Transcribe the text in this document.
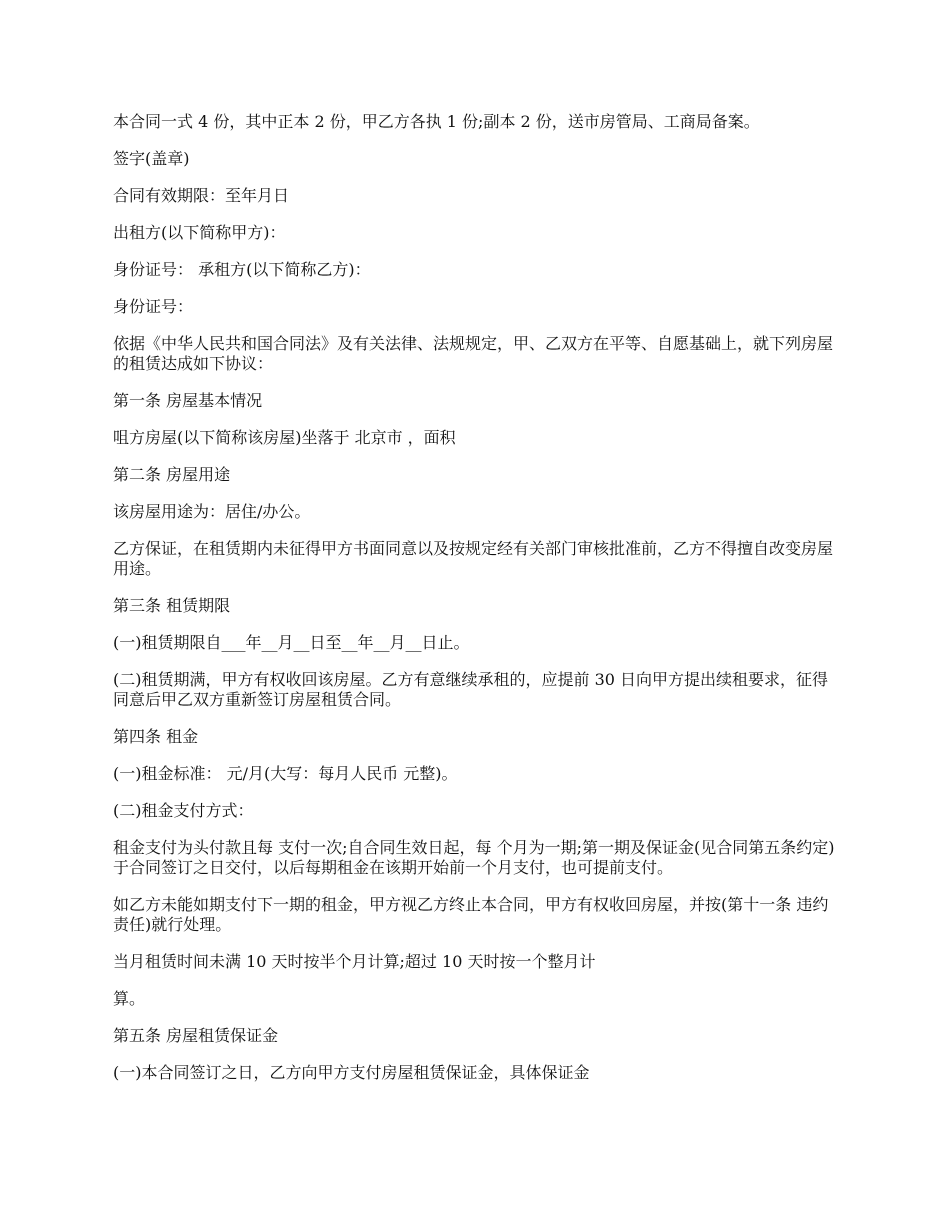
本合同一式 4 份，其中正本 2 份，甲乙方各执 1 份;副本 2 份，送市房管局、工商局备案。

签字(盖章)

合同有效期限：至年月日

出租方(以下简称甲方)：

身份证号： 承租方(以下简称乙方)：

身份证号：

依据《中华人民共和国合同法》及有关法律、法规规定，甲、乙双方在平等、自愿基础上，就下列房屋的租赁达成如下协议：

第一条 房屋基本情况

咀方房屋(以下简称该房屋)坐落于 北京市 ，面积

第二条 房屋用途

该房屋用途为：居住/办公。

乙方保证，在租赁期内未征得甲方书面同意以及按规定经有关部门审核批准前，乙方不得擅自改变房屋用途。

第三条 租赁期限

(一)租赁期限自___年__月__日至__年__月__日止。

(二)租赁期满，甲方有权收回该房屋。乙方有意继续承租的，应提前 30 日向甲方提出续租要求，征得同意后甲乙双方重新签订房屋租赁合同。

第四条 租金

(一)租金标准： 元/月(大写：每月人民币 元整)。

(二)租金支付方式：

租金支付为头付款且每 支付一次;自合同生效日起，每 个月为一期;第一期及保证金(见合同第五条约定)于合同签订之日交付，以后每期租金在该期开始前一个月支付，也可提前支付。

如乙方未能如期支付下一期的租金，甲方视乙方终止本合同，甲方有权收回房屋，并按(第十一条 违约责任)就行处理。

当月租赁时间未满 10 天时按半个月计算;超过 10 天时按一个整月计

算。

第五条 房屋租赁保证金

(一)本合同签订之日，乙方向甲方支付房屋租赁保证金，具体保证金
